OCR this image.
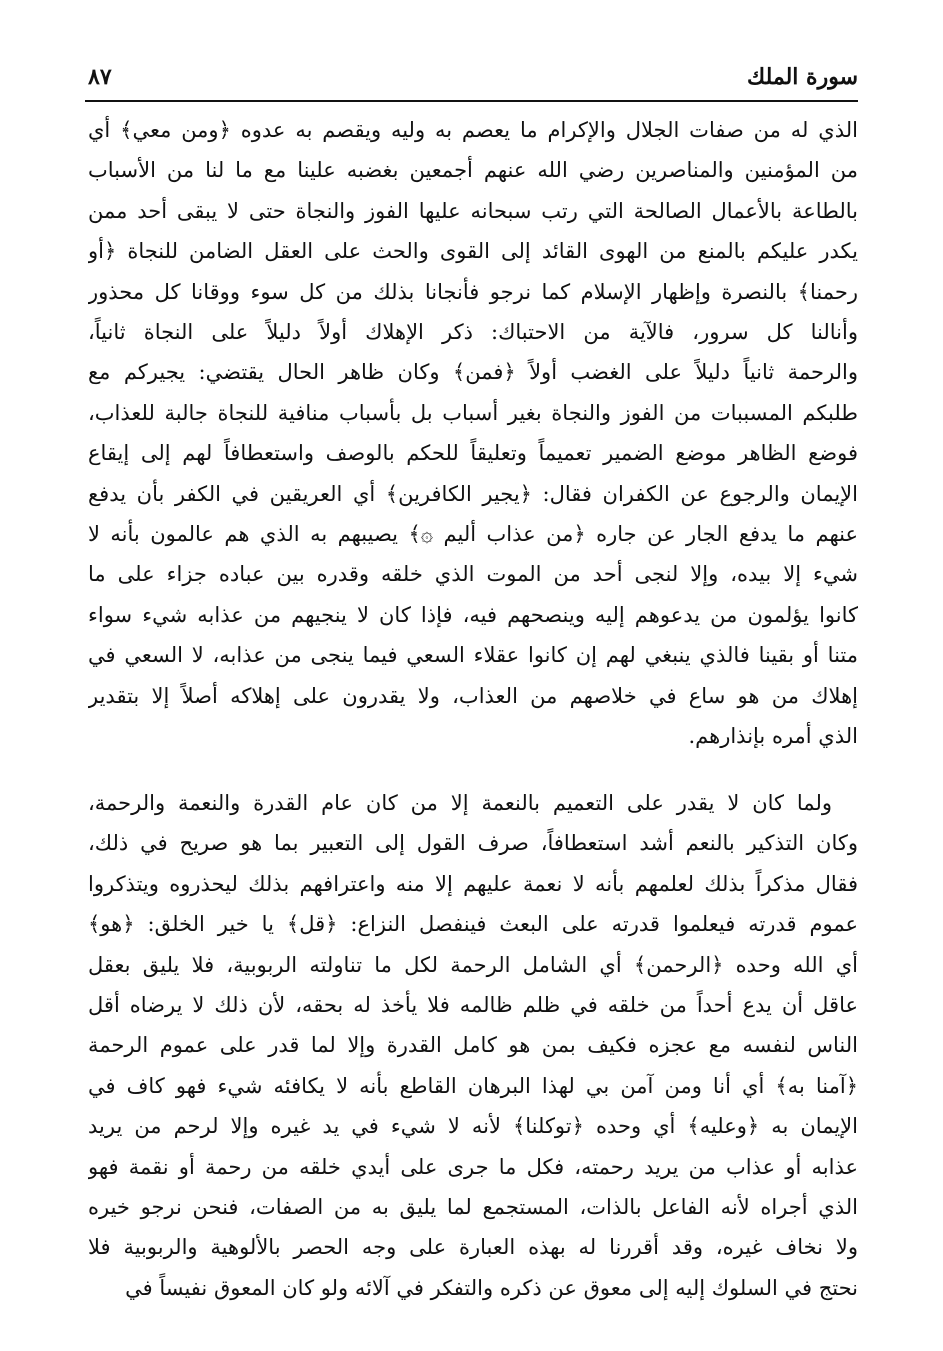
سورة الملك
٨٧
الذي له من صفات الجلال والإكرام ما يعصم به وليه ويقصم به عدوه ﴿ومن معي﴾ أي
من المؤمنين والمناصرين رضي الله عنهم أجمعين بغضبه علينا مع ما لنا من الأسباب
بالطاعة بالأعمال الصالحة التي رتب سبحانه عليها الفوز والنجاة حتى لا يبقى أحد ممن
يكدر عليكم بالمنع من الهوى القائد إلى القوى والحث على العقل الضامن للنجاة ﴿أو
رحمنا﴾ بالنصرة وإظهار الإسلام كما نرجو فأنجانا بذلك من كل سوء ووقانا كل محذور
وأنالنا كل سرور، فالآية من الاحتباك: ذكر الإهلاك أولاً دليلاً على النجاة ثانياً،
والرحمة ثانياً دليلاً على الغضب أولاً ﴿فمن﴾ وكان ظاهر الحال يقتضي: يجيركم مع
طلبكم المسببات من الفوز والنجاة بغير أسباب بل بأسباب منافية للنجاة جالبة للعذاب،
فوضع الظاهر موضع الضمير تعميماً وتعليقاً للحكم بالوصف واستعطافاً لهم إلى إيقاع
الإيمان والرجوع عن الكفران فقال: ﴿يجير الكافرين﴾ أي العريقين في الكفر بأن يدفع
عنهم ما يدفع الجار عن جاره ﴿من عذاب أليم ۞﴾ يصيبهم به الذي هم عالمون بأنه لا
شيء إلا بيده، وإلا لنجى أحد من الموت الذي خلقه وقدره بين عباده جزاء على ما
كانوا يؤلمون من يدعوهم إليه وينصحهم فيه، فإذا كان لا ينجيهم من عذابه شيء سواء
متنا أو بقينا فالذي ينبغي لهم إن كانوا عقلاء السعي فيما ينجى من عذابه، لا السعي في
إهلاك من هو ساع في خلاصهم من العذاب، ولا يقدرون على إهلاكه أصلاً إلا بتقدير
الذي أمره بإنذارهم.
ولما كان لا يقدر على التعميم بالنعمة إلا من كان عام القدرة والنعمة والرحمة،
وكان التذكير بالنعم أشد استعطافاً، صرف القول إلى التعبير بما هو صريح في ذلك،
فقال مذكراً بذلك لعلمهم بأنه لا نعمة عليهم إلا منه واعترافهم بذلك ليحذروه ويتذكروا
عموم قدرته فيعلموا قدرته على البعث فينفصل النزاع: ﴿قل﴾ يا خير الخلق: ﴿هو﴾
أي الله وحده ﴿الرحمن﴾ أي الشامل الرحمة لكل ما تناولته الربوبية، فلا يليق بعقل
عاقل أن يدع أحداً من خلقه في ظلم ظالمه فلا يأخذ له بحقه، لأن ذلك لا يرضاه أقل
الناس لنفسه مع عجزه فكيف بمن هو كامل القدرة وإلا لما قدر على عموم الرحمة
﴿آمنا به﴾ أي أنا ومن آمن بي لهذا البرهان القاطع بأنه لا يكافئه شيء فهو كاف في
الإيمان به ﴿وعليه﴾ أي وحده ﴿توكلنا﴾ لأنه لا شيء في يد غيره وإلا لرحم من يريد
عذابه أو عذاب من يريد رحمته، فكل ما جرى على أيدي خلقه من رحمة أو نقمة فهو
الذي أجراه لأنه الفاعل بالذات، المستجمع لما يليق به من الصفات، فنحن نرجو خيره
ولا نخاف غيره، وقد أقررنا له بهذه العبارة على وجه الحصر بالألوهية والربوبية فلا
نحتج في السلوك إليه إلى معوق عن ذكره والتفكر في آلائه ولو كان المعوق نفيساً في
